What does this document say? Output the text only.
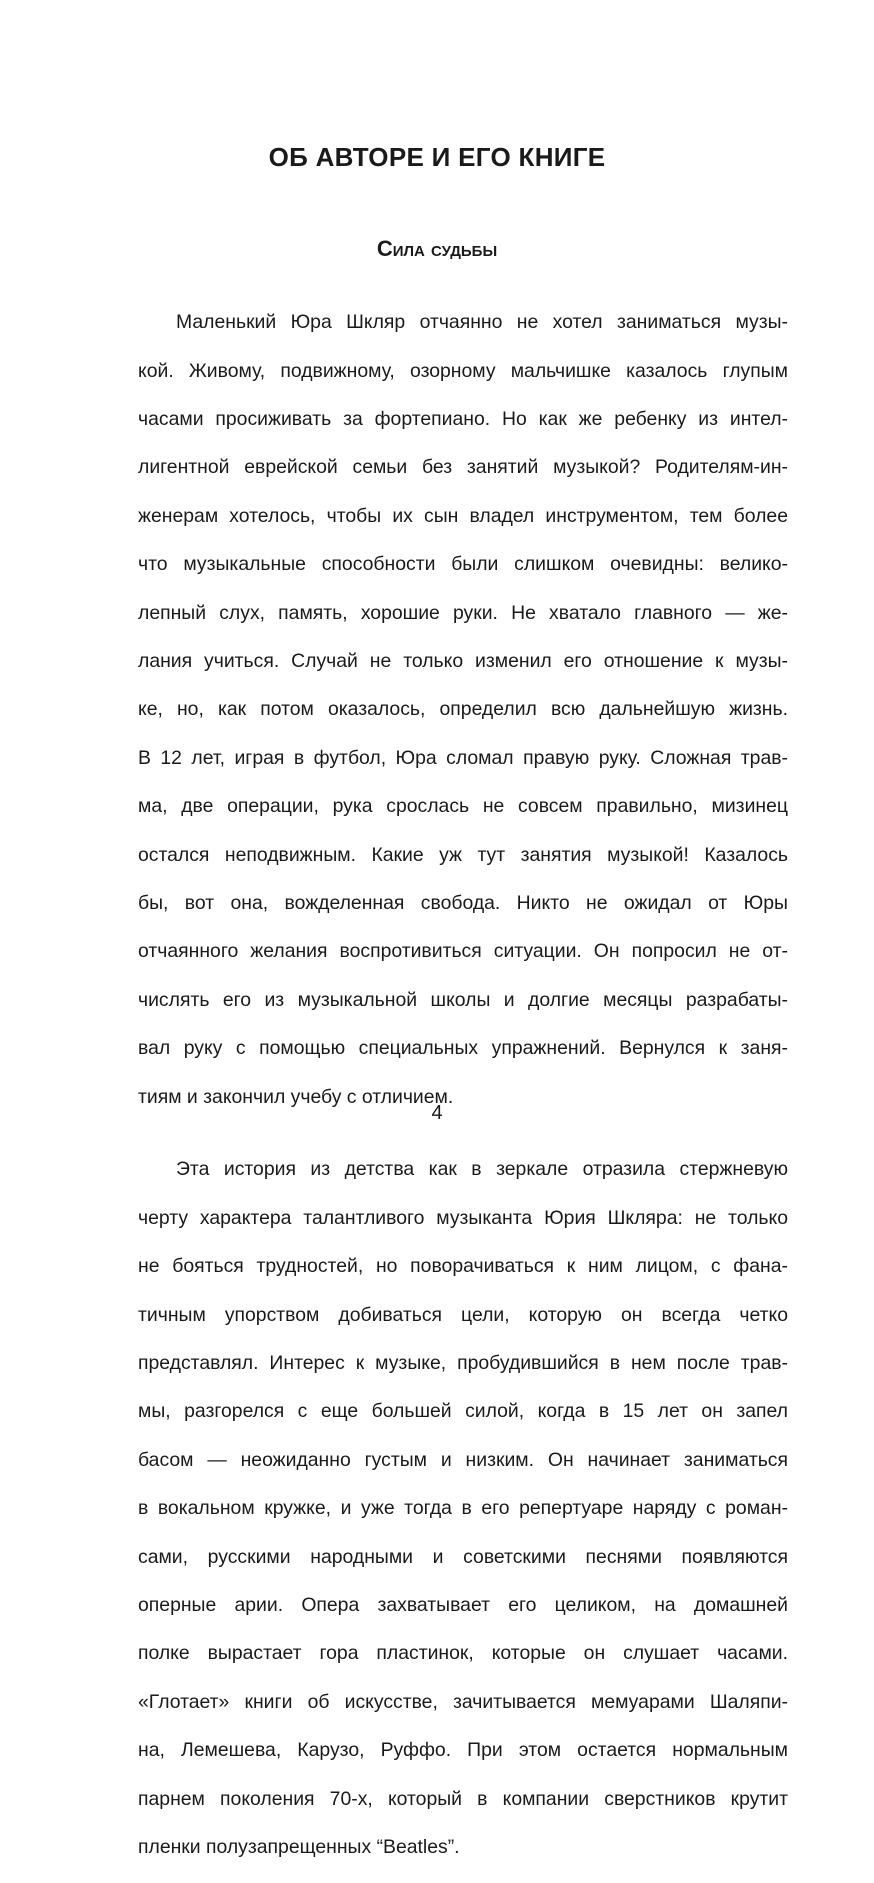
ОБ АВТОРЕ И ЕГО КНИГЕ
Сила судьбы

Маленький Юра Шкляр отчаянно не хотел заниматься музы-

кой. Живому, подвижному, озорному мальчишке казалось глупым

часами просиживать за фортепиано. Но как же ребенку из интел-

лигентной еврейской семьи без занятий музыкой? Родителям-ин-

женерам хотелось, чтобы их сын владел инструментом, тем более

что музыкальные способности были слишком очевидны: велико-

лепный слух, память, хорошие руки. Не хватало главного — же-

лания учиться. Случай не только изменил его отношение к музы-

ке, но, как потом оказалось, определил всю дальнейшую жизнь.

В 12 лет, играя в футбол, Юра сломал правую руку. Сложная трав-

ма, две операции, рука срослась не совсем правильно, мизинец

остался неподвижным. Какие уж тут занятия музыкой! Казалось

бы, вот она, вожделенная свобода. Никто не ожидал от Юры

отчаянного желания воспротивиться ситуации. Он попросил не от-

числять его из музыкальной школы и долгие месяцы разрабаты-

вал руку с помощью специальных упражнений. Вернулся к заня-

тиям и закончил учебу с отличием.

Эта история из детства как в зеркале отразила стержневую

черту характера талантливого музыканта Юрия Шкляра: не только

не бояться трудностей, но поворачиваться к ним лицом, с фана-

тичным упорством добиваться цели, которую он всегда четко

представлял. Интерес к музыке, пробудившийся в нем после трав-

мы, разгорелся с еще большей силой, когда в 15 лет он запел

басом — неожиданно густым и низким. Он начинает заниматься

в вокальном кружке, и уже тогда в его репертуаре наряду с роман-

сами, русскими народными и советскими песнями появляются

оперные арии. Опера захватывает его целиком, на домашней

полке вырастает гора пластинок, которые он слушает часами.

«Глотает» книги об искусстве, зачитывается мемуарами Шаляпи-

на, Лемешева, Карузо, Руффо. При этом остается нормальным

парнем поколения 70-х, который в компании сверстников крутит

пленки полузапрещенных “Beatles”.

4
